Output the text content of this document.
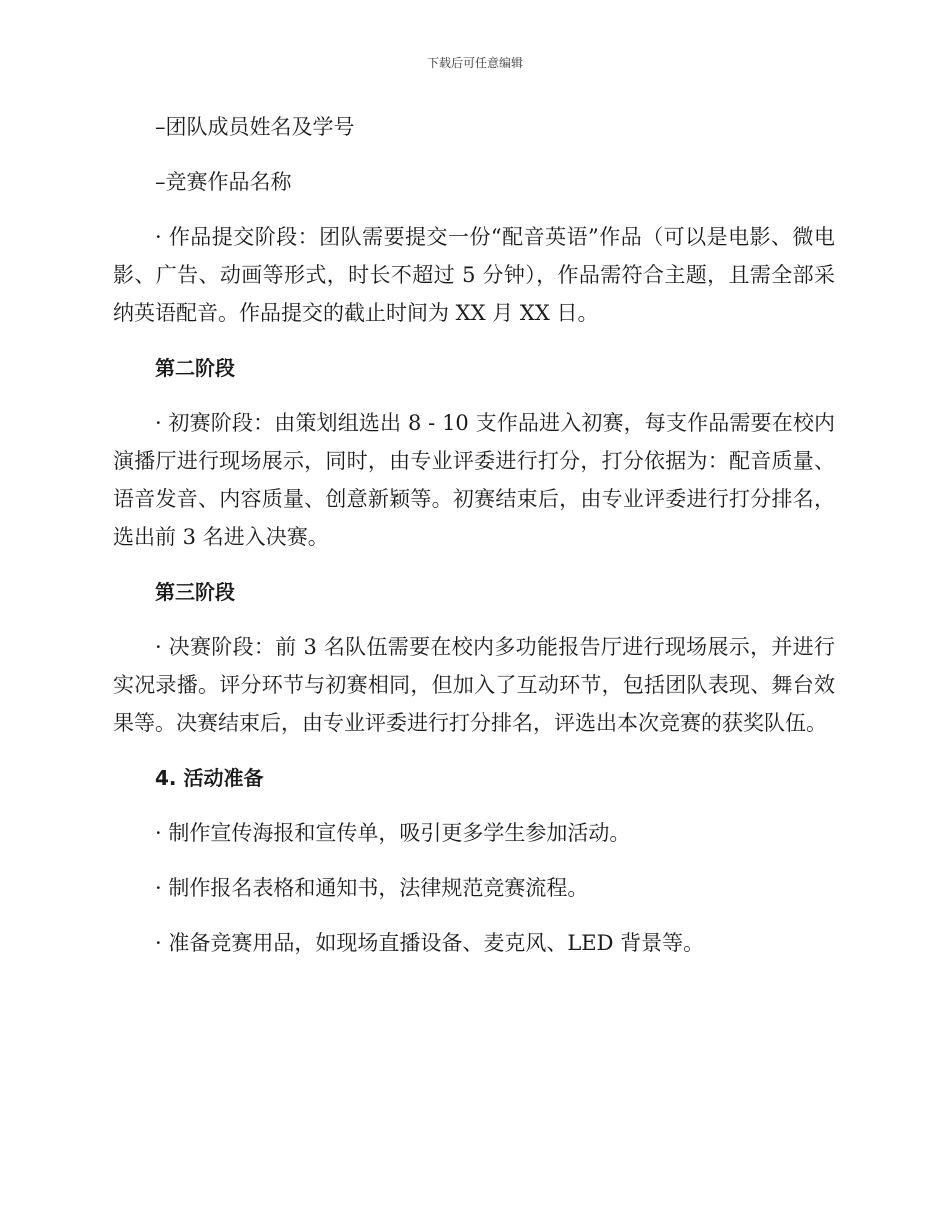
下载后可任意编辑

–团队成员姓名及学号

–竞赛作品名称

· 作品提交阶段：团队需要提交一份“配音英语”作品（可以是电影、微电影、广告、动画等形式，时长不超过 5 分钟），作品需符合主题，且需全部采纳英语配音。作品提交的截止时间为 XX 月 XX 日。

第二阶段

· 初赛阶段：由策划组选出 8 - 10 支作品进入初赛，每支作品需要在校内演播厅进行现场展示，同时，由专业评委进行打分，打分依据为：配音质量、语音发音、内容质量、创意新颖等。初赛结束后，由专业评委进行打分排名，选出前 3 名进入决赛。

第三阶段

· 决赛阶段：前 3 名队伍需要在校内多功能报告厅进行现场展示，并进行实况录播。评分环节与初赛相同，但加入了互动环节，包括团队表现、舞台效果等。决赛结束后，由专业评委进行打分排名，评选出本次竞赛的获奖队伍。

4. 活动准备

· 制作宣传海报和宣传单，吸引更多学生参加活动。

· 制作报名表格和通知书，法律规范竞赛流程。

· 准备竞赛用品，如现场直播设备、麦克风、LED 背景等。
